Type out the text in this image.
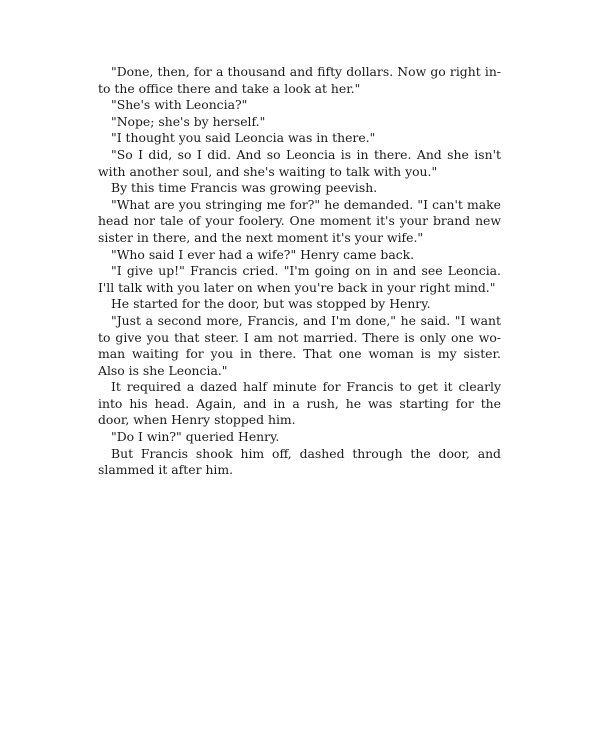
"Done, then, for a thousand and fifty dollars. Now go right in-
to the office there and take a look at her."
"She's with Leoncia?"
"Nope; she's by herself."
"I thought you said Leoncia was in there."
"So I did, so I did. And so Leoncia is in there. And she isn't
with another soul, and she's waiting to talk with you."
By this time Francis was growing peevish.
"What are you stringing me for?" he demanded. "I can't make
head nor tale of your foolery. One moment it's your brand new
sister in there, and the next moment it's your wife."
"Who said I ever had a wife?" Henry came back.
"I give up!" Francis cried. "I'm going on in and see Leoncia.
I'll talk with you later on when you're back in your right mind."
He started for the door, but was stopped by Henry.
"Just a second more, Francis, and I'm done," he said. "I want
to give you that steer. I am not married. There is only one wo-
man waiting for you in there. That one woman is my sister.
Also is she Leoncia."
It required a dazed half minute for Francis to get it clearly
into his head. Again, and in a rush, he was starting for the
door, when Henry stopped him.
"Do I win?" queried Henry.
But Francis shook him off, dashed through the door, and
slammed it after him.
